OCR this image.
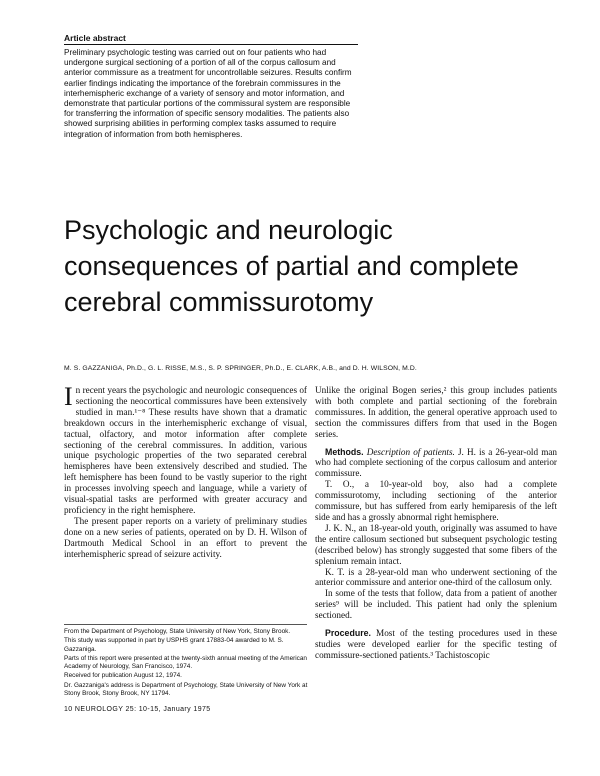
Article abstract
Preliminary psychologic testing was carried out on four patients who had undergone surgical sectioning of a portion of all of the corpus callosum and anterior commissure as a treatment for uncontrollable seizures. Results confirm earlier findings indicating the importance of the forebrain commissures in the interhemispheric exchange of a variety of sensory and motor information, and demonstrate that particular portions of the commissural system are responsible for transferring the information of specific sensory modalities. The patients also showed surprising abilities in performing complex tasks assumed to require integration of information from both hemispheres.
Psychologic and neurologic consequences of partial and complete cerebral commissurotomy
M. S. GAZZANIGA, Ph.D., G. L. RISSE, M.S., S. P. SPRINGER, Ph.D., E. CLARK, A.B., and D. H. WILSON, M.D.

In recent years the psychologic and neurologic consequences of sectioning the neocortical commissures have been extensively studied in man.¹⁻⁸ These results have shown that a dramatic breakdown occurs in the interhemispheric exchange of visual, tactual, olfactory, and motor information after complete sectioning of the cerebral commissures. In addition, various unique psychologic properties of the two separated cerebral hemispheres have been extensively described and studied. The left hemisphere has been found to be vastly superior to the right in processes involving speech and language, while a variety of visual-spatial tasks are performed with greater accuracy and proficiency in the right hemisphere.

The present paper reports on a variety of preliminary studies done on a new series of patients, operated on by D. H. Wilson of Dartmouth Medical School in an effort to prevent the interhemispheric spread of seizure activity.

From the Department of Psychology, State University of New York, Stony Brook.

This study was supported in part by USPHS grant 17883-04 awarded to M. S. Gazzaniga.

Parts of this report were presented at the twenty-sixth annual meeting of the American Academy of Neurology, San Francisco, 1974.

Received for publication August 12, 1974.

Dr. Gazzaniga's address is Department of Psychology, State University of New York at Stony Brook, Stony Brook, NY 11794.

Unlike the original Bogen series,² this group includes patients with both complete and partial sectioning of the forebrain commissures. In addition, the general operative approach used to section the commissures differs from that used in the Bogen series.

Methods. Description of patients. J. H. is a 26-year-old man who had complete sectioning of the corpus callosum and anterior commissure.

T. O., a 10-year-old boy, also had a complete commissurotomy, including sectioning of the anterior commissure, but has suffered from early hemiparesis of the left side and has a grossly abnormal right hemisphere.

J. K. N., an 18-year-old youth, originally was assumed to have the entire callosum sectioned but subsequent psychologic testing (described below) has strongly suggested that some fibers of the splenium remain intact.

K. T. is a 28-year-old man who underwent sectioning of the anterior commissure and anterior one-third of the callosum only.

In some of the tests that follow, data from a patient of another series⁹ will be included. This patient had only the splenium sectioned.

Procedure. Most of the testing procedures used in these studies were developed earlier for the specific testing of commissure-sectioned patients.³ Tachistoscopic

10 NEUROLOGY 25: 10-15, January 1975
